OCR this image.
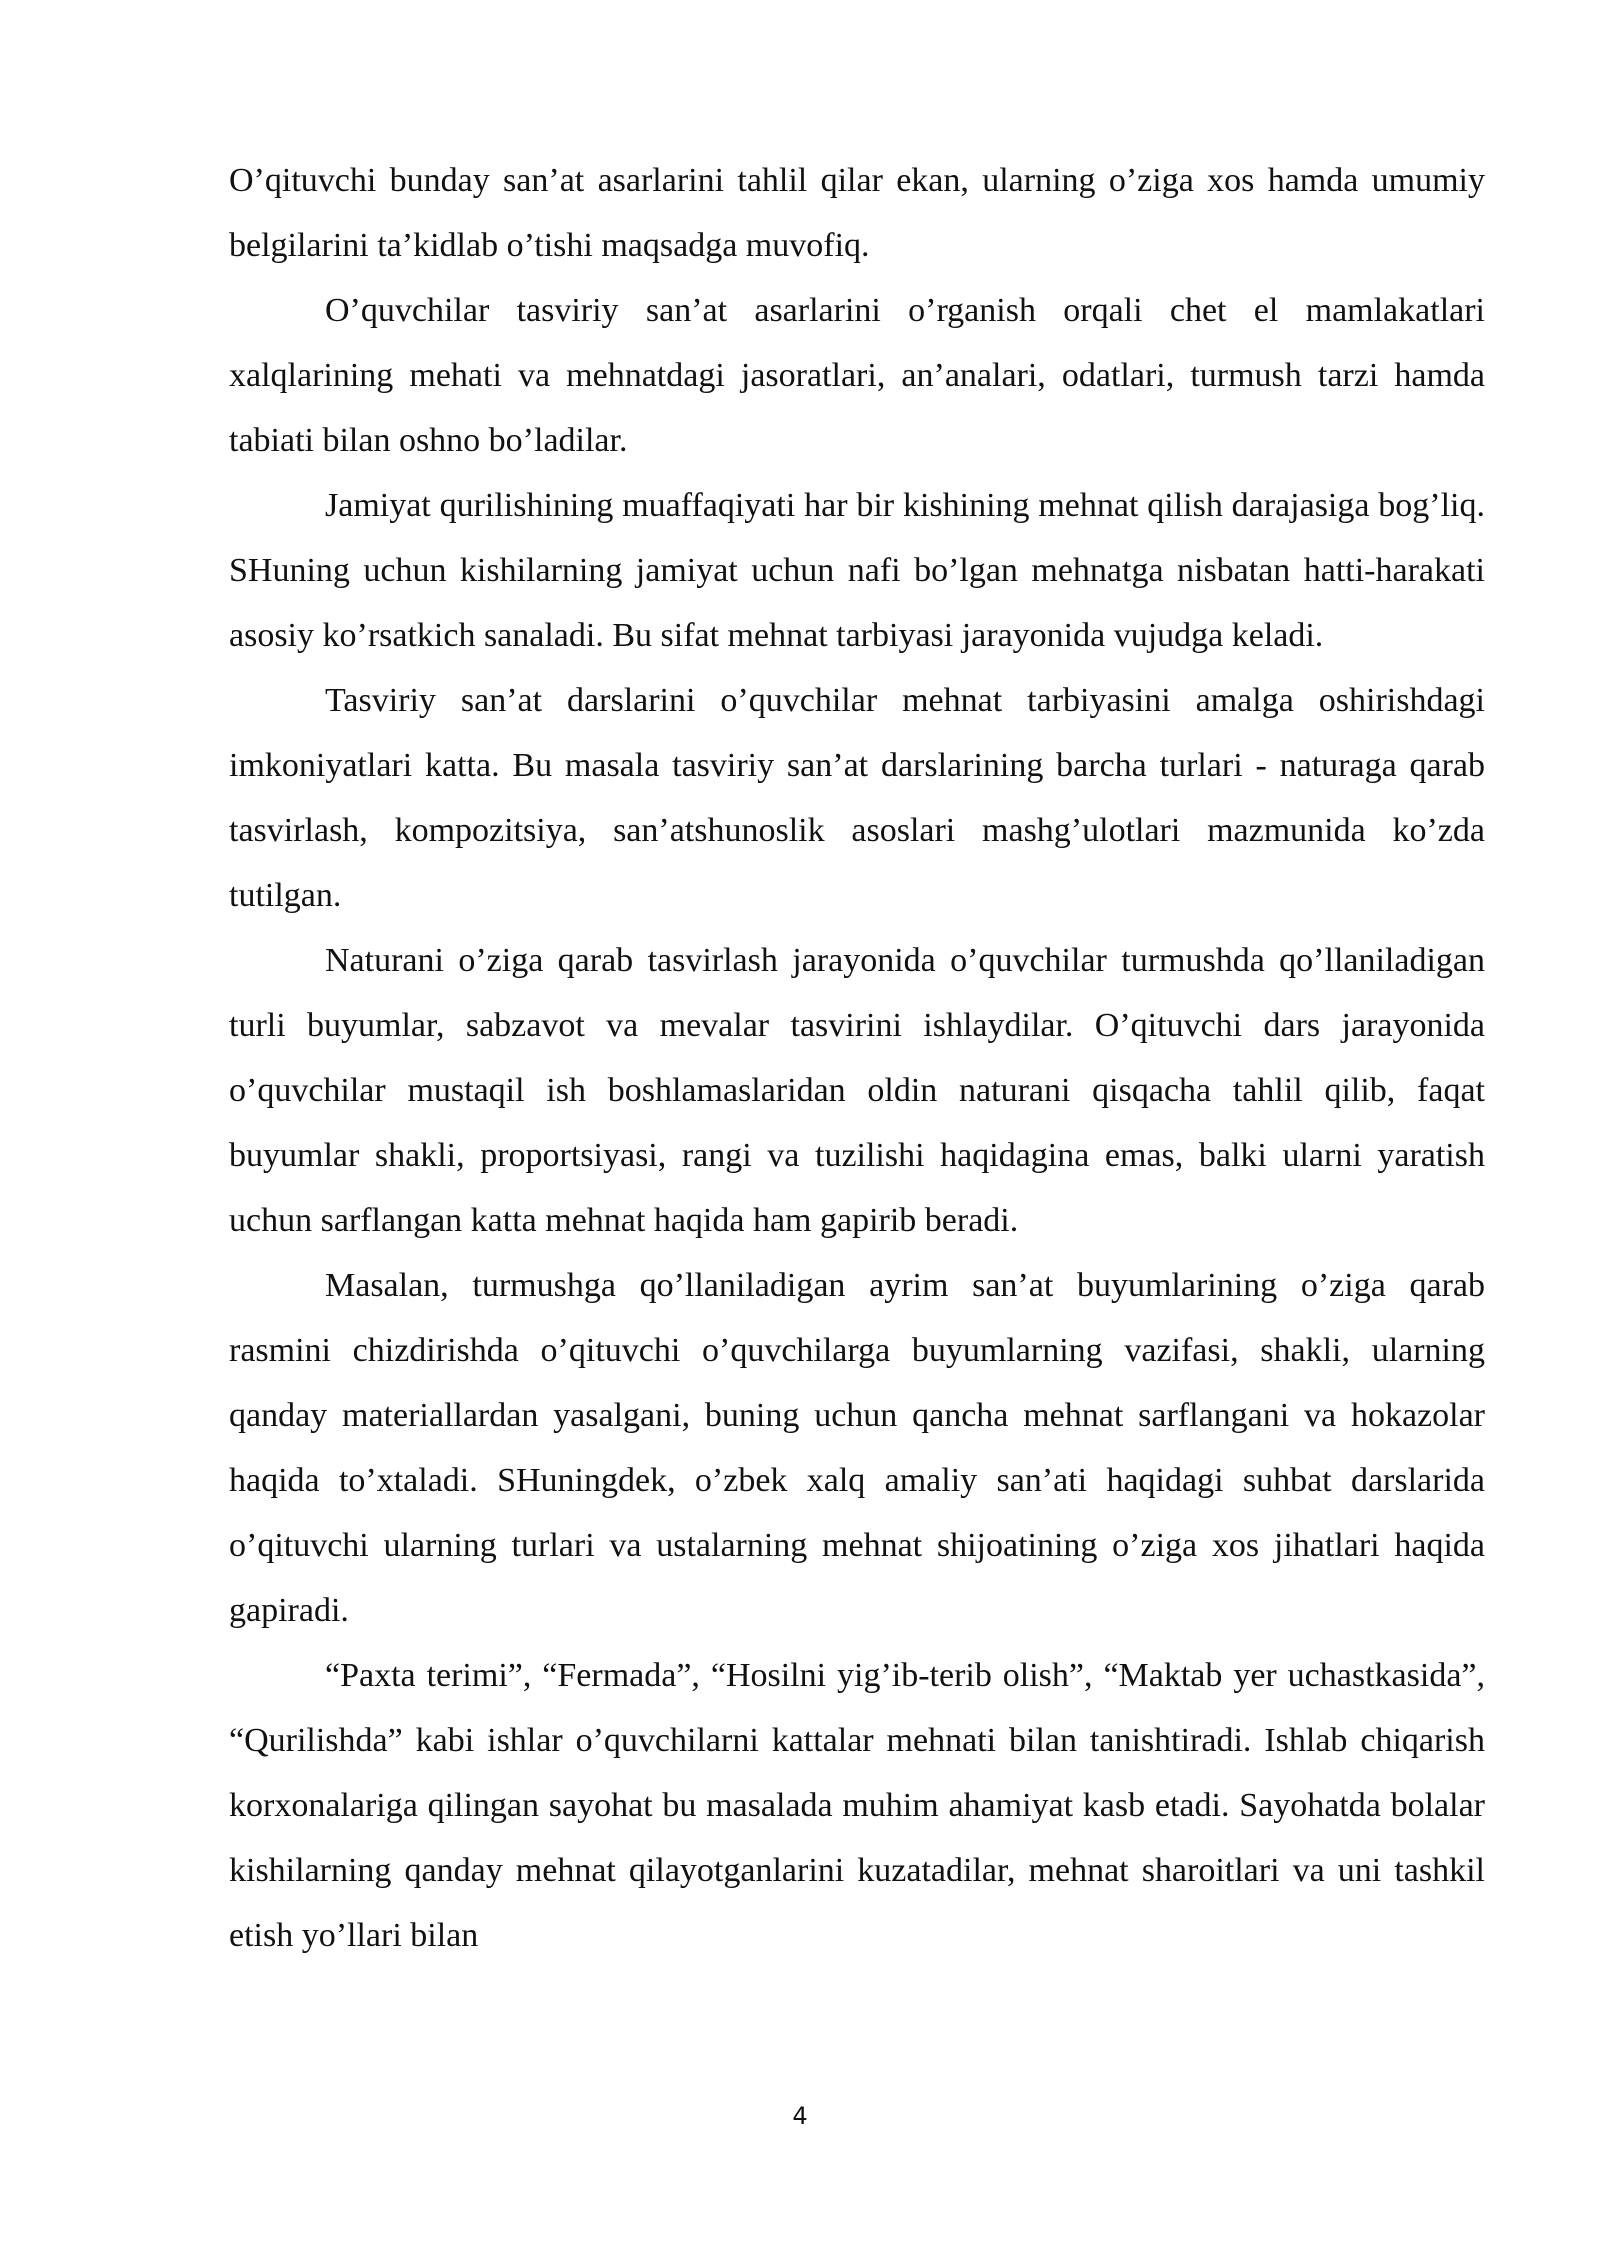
O’qituvchi bunday san’at asarlarini tahlil qilar ekan, ularning o’ziga xos hamda umumiy belgilarini ta’kidlab o’tishi maqsadga muvofiq.

O’quvchilar tasviriy san’at asarlarini o’rganish orqali chet el mamlakatlari xalqlarining mehati va mehnatdagi jasoratlari, an’analari, odatlari, turmush tarzi hamda tabiati bilan oshno bo’ladilar.

Jamiyat qurilishining muaffaqiyati har bir kishining mehnat qilish darajasiga bog’liq. SHuning uchun kishilarning jamiyat uchun nafi bo’lgan mehnatga nisbatan hatti-harakati asosiy ko’rsatkich sanaladi. Bu sifat mehnat tarbiyasi jarayonida vujudga keladi.

Tasviriy san’at darslarini o’quvchilar mehnat tarbiyasini amalga oshirishdagi imkoniyatlari katta. Bu masala tasviriy san’at darslarining barcha turlari - naturaga qarab tasvirlash, kompozitsiya, san’atshunoslik asoslari mashg’ulotlari mazmunida ko’zda tutilgan.

Naturani o’ziga qarab tasvirlash jarayonida o’quvchilar turmushda qo’llaniladigan turli buyumlar, sabzavot va mevalar tasvirini ishlaydilar. O’qituvchi dars jarayonida o’quvchilar mustaqil ish boshlamaslaridan oldin naturani qisqacha tahlil qilib, faqat buyumlar shakli, proportsiyasi, rangi va tuzilishi haqidagina emas, balki ularni yaratish uchun sarflangan katta mehnat haqida ham gapirib beradi.

Masalan, turmushga qo’llaniladigan ayrim san’at buyumlarining o’ziga qarab rasmini chizdirishda o’qituvchi o’quvchilarga buyumlarning vazifasi, shakli, ularning qanday materiallardan yasalgani, buning uchun qancha mehnat sarflangani va hokazolar haqida to’xtaladi. SHuningdek, o’zbek xalq amaliy san’ati haqidagi suhbat darslarida o’qituvchi ularning turlari va ustalarning mehnat shijoatining o’ziga xos jihatlari haqida gapiradi.

“Paxta terimi”, “Fermada”, “Hosilni yig’ib-terib olish”, “Maktab yer uchastkasida”, “Qurilishda” kabi ishlar o’quvchilarni kattalar mehnati bilan tanishtiradi. Ishlab chiqarish korxonalariga qilingan sayohat bu masalada muhim ahamiyat kasb etadi. Sayohatda bolalar kishilarning qanday mehnat qilayotganlarini kuzatadilar, mehnat sharoitlari va uni tashkil etish yo’llari bilan

4
